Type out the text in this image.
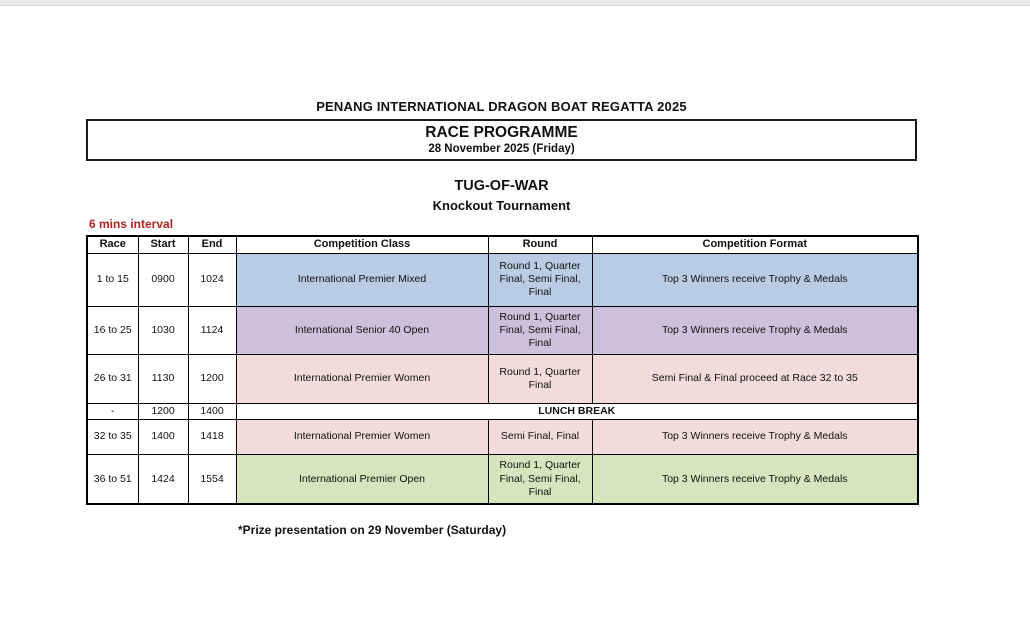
PENANG INTERNATIONAL DRAGON BOAT REGATTA 2025
RACE PROGRAMME
28 November 2025 (Friday)
TUG-OF-WAR
Knockout Tournament
6 mins interval
Race	Start	End	Competition Class	Round	Competition Format
1 to 15	0900	1024	International Premier Mixed	Round 1, Quarter Final, Semi Final, Final	Top 3 Winners receive Trophy & Medals
16 to 25	1030	1124	International Senior 40 Open	Round 1, Quarter Final, Semi Final, Final	Top 3 Winners receive Trophy & Medals
26 to 31	1130	1200	International Premier Women	Round 1, Quarter Final	Semi Final & Final proceed at Race 32 to 35
-	1200	1400	LUNCH BREAK		
32 to 35	1400	1418	International Premier Women	Semi Final, Final	Top 3 Winners receive Trophy & Medals
36 to 51	1424	1554	International Premier Open	Round 1, Quarter Final, Semi Final, Final	Top 3 Winners receive Trophy & Medals
*Prize presentation on 29 November (Saturday)
